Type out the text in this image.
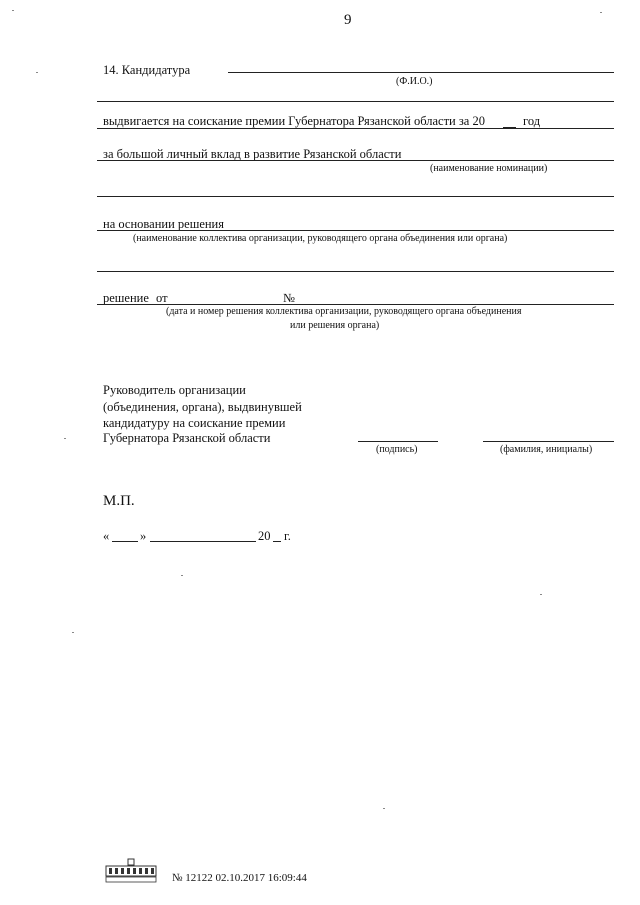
9
14. Кандидатура
(Ф.И.О.)
выдвигается на соискание премии Губернатора Рязанской области за 20	год
за большой личный вклад в развитие Рязанской области
(наименование номинации)
на основании решения
(наименование коллектива организации, руководящего органа объединения или органа)
решение от	№
(дата и номер решения коллектива организации, руководящего органа объединения
или решения органа)
Руководитель организации
(объединения, органа), выдвинувшей
кандидатуру на соискание премии
Губернатора Рязанской области
(подпись)	(фамилия, инициалы)
М.П.
« »	20 г.
№ 12122 02.10.2017 16:09:44
